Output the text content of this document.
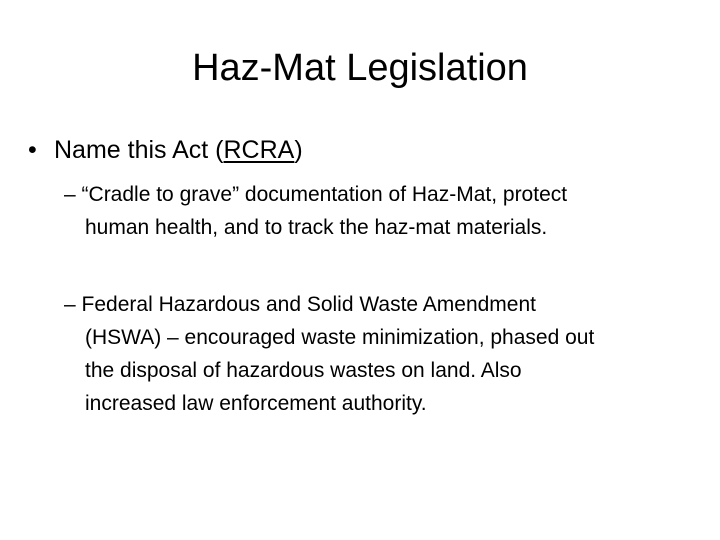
Haz-Mat Legislation
• Name this Act (RCRA)
– “Cradle to grave” documentation of Haz-Mat, protect
human health, and to track the haz-mat materials.
– Federal Hazardous and Solid Waste Amendment
(HSWA) – encouraged waste minimization, phased out
the disposal of hazardous wastes on land. Also
increased law enforcement authority.
